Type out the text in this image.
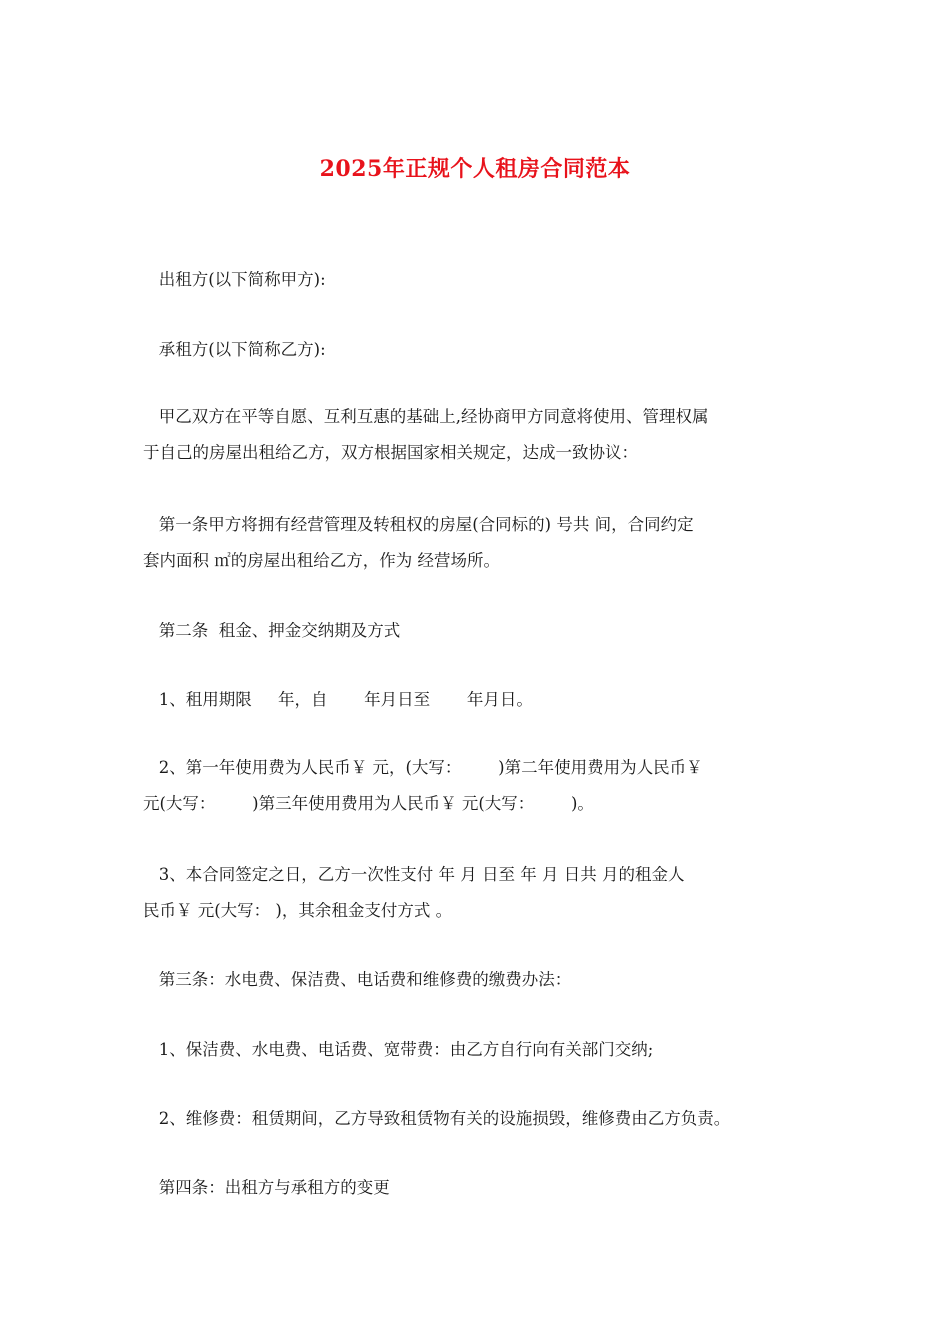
2025年正规个人租房合同范本
出租方(以下简称甲方):
承租方(以下简称乙方):
甲乙双方在平等自愿、互利互惠的基础上,经协商甲方同意将使用、管理权属
于自己的房屋出租给乙方，双方根据国家相关规定，达成一致协议：
第一条甲方将拥有经营管理及转租权的房屋(合同标的) 号共 间，合同约定
套内面积 ㎡的房屋出租给乙方，作为 经营场所。
第二条  租金、押金交纳期及方式
1、租用期限     年，自       年月日至       年月日。
2、第一年使用费为人民币￥ 元，(大写：       )第二年使用费用为人民币￥
元(大写：       )第三年使用费用为人民币￥ 元(大写：       )。
3、本合同签定之日，乙方一次性支付 年 月 日至 年 月 日共 月的租金人
民币￥ 元(大写： )，其余租金支付方式 。
第三条：水电费、保洁费、电话费和维修费的缴费办法：
1、保洁费、水电费、电话费、宽带费：由乙方自行向有关部门交纳;
2、维修费：租赁期间，乙方导致租赁物有关的设施损毁，维修费由乙方负责。
第四条：出租方与承租方的变更
